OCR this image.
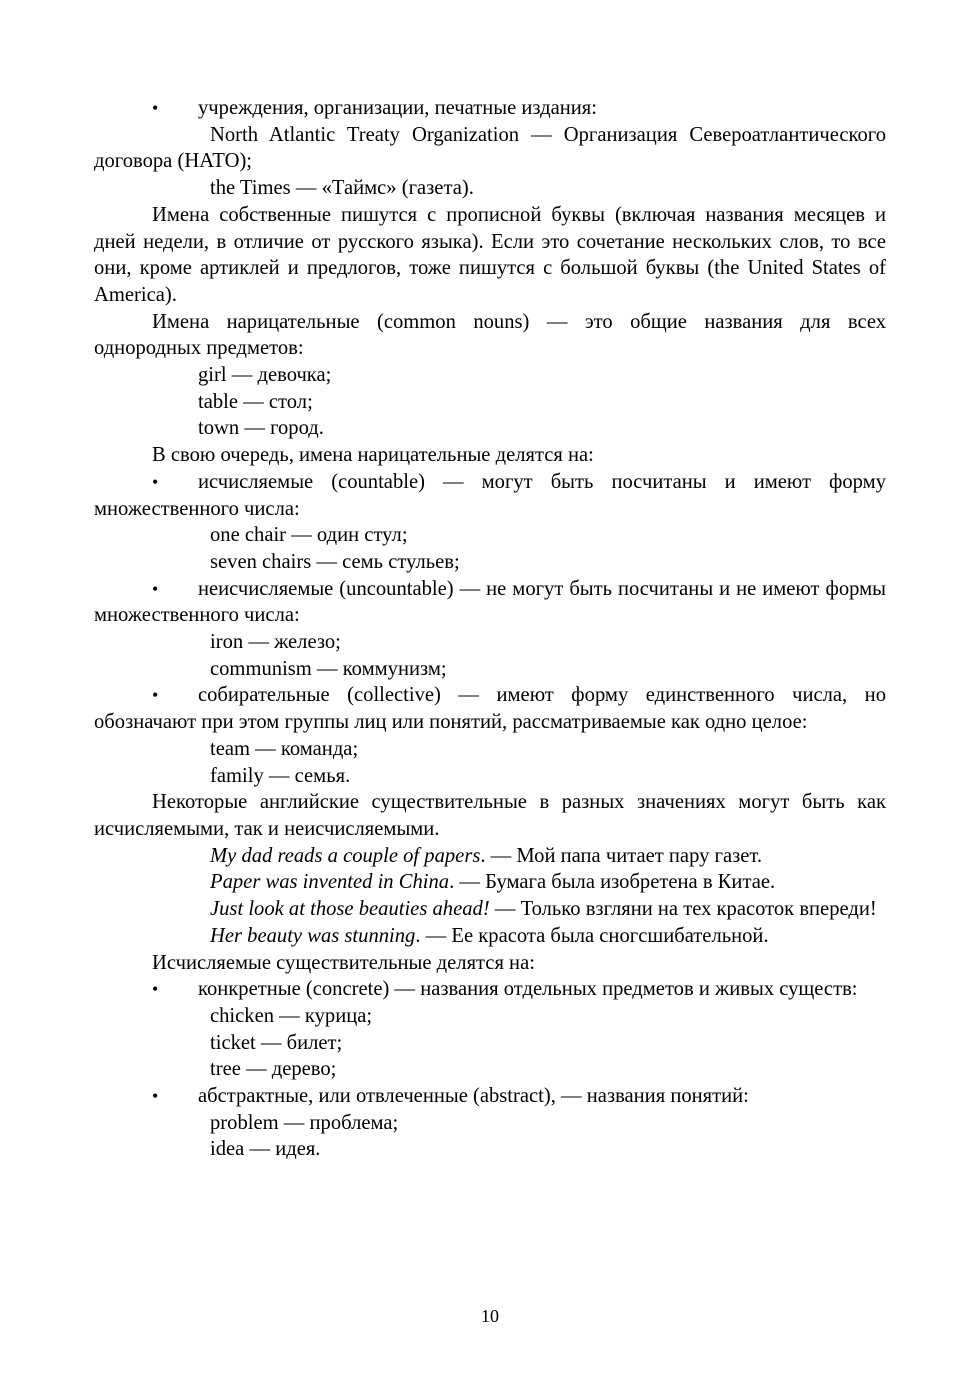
• учреждения, организации, печатные издания:

North Atlantic Treaty Organization — Организация Североатлантического договора (НАТО);

the Times — «Таймс» (газета).

Имена собственные пишутся с прописной буквы (включая названия месяцев и дней недели, в отличие от русского языка). Если это сочетание нескольких слов, то все они, кроме артиклей и предлогов, тоже пишутся с большой буквы (the United States of America).

Имена нарицательные (common nouns) — это общие названия для всех однородных предметов:

girl — девочка;

table — стол;

town — город.

В свою очередь, имена нарицательные делятся на:

• исчисляемые (countable) — могут быть посчитаны и имеют форму множественного числа:

one chair — один стул;

seven chairs — семь стульев;

• неисчисляемые (uncountable) — не могут быть посчитаны и не имеют формы множественного числа:

iron — железо;

communism — коммунизм;

• собирательные (collective) — имеют форму единственного числа, но обозначают при этом группы лиц или понятий, рассматриваемые как одно целое:

team — команда;

family — семья.

Некоторые английские существительные в разных значениях могут быть как исчисляемыми, так и неисчисляемыми.

My dad reads a couple of papers. — Мой папа читает пару газет.

Paper was invented in China. — Бумага была изобретена в Китае.

Just look at those beauties ahead! — Только взгляни на тех красоток впереди!

Her beauty was stunning. — Ее красота была сногсшибательной.

Исчисляемые существительные делятся на:

• конкретные (concrete) — названия отдельных предметов и живых существ:

chicken — курица;

ticket — билет;

tree — дерево;

• абстрактные, или отвлеченные (abstract), — названия понятий:

problem — проблема;

idea — идея.

10
